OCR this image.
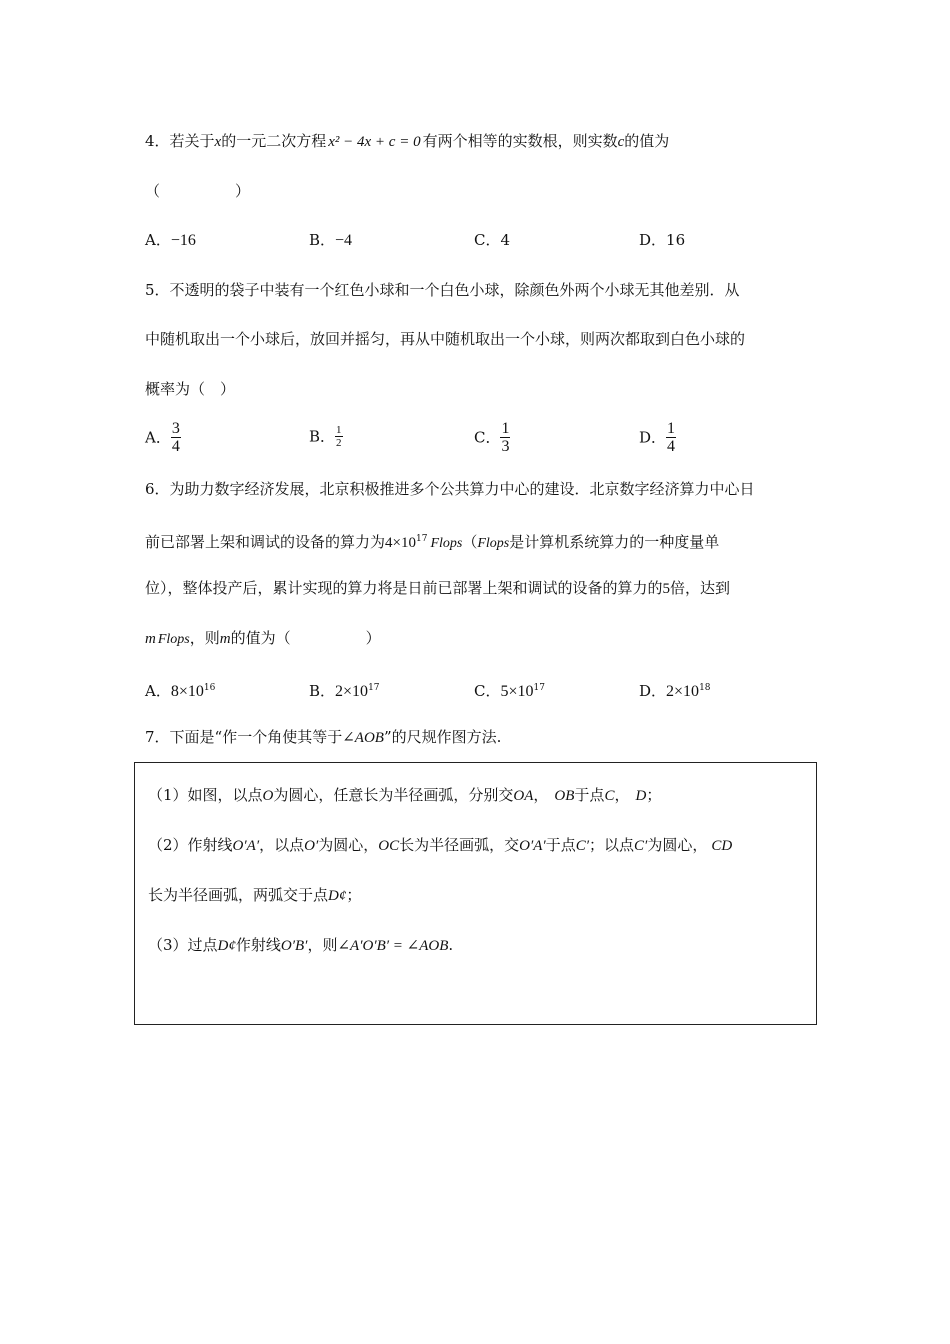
4．若关于x的一元二次方程 x² − 4x + c = 0 有两个相等的实数根，则实数c的值为
（　　　　　）
A．−16	B．−4	C．4	D．16
5．不透明的袋子中装有一个红色小球和一个白色小球，除颜色外两个小球无其他差别．从
中随机取出一个小球后，放回并摇匀，再从中随机取出一个小球，则两次都取到白色小球的
概率为（　）
A． $\frac{3}{4}$	B． $\frac{1}{2}$	C． $\frac{1}{3}$	D． $\frac{1}{4}$
6．为助力数字经济发展，北京积极推进多个公共算力中心的建设．北京数字经济算力中心日
前已部署上架和调试的设备的算力为$4\times 10^{17}$ Flops（Flops是计算机系统算力的一种度量单
位），整体投产后，累计实现的算力将是日前已部署上架和调试的设备的算力的5倍，达到
m Flops，则m的值为（　　　　　）
A．$8\times 10^{16}$	B．$2\times 10^{17}$	C．$5\times 10^{17}$	D．$2\times 10^{18}$
7．下面是“作一个角使其等于∠AOB”的尺规作图方法.
（1）如图，以点O为圆心，任意长为半径画弧，分别交OA， OB于点C， D；
（2）作射线O′A′，以点O′为圆心，OC长为半径画弧，交O′A′于点C′；以点C′为圆心， CD
长为半径画弧，两弧交于点D¢；
（3）过点D¢作射线O′B′，则∠A′O′B′ = ∠AOB.
